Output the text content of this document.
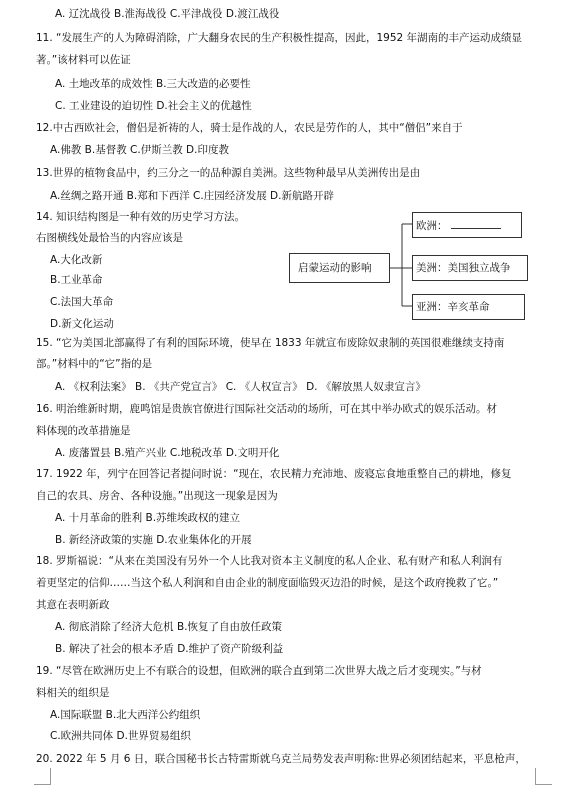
A. 辽沈战役 B.淮海战役 C.平津战役 D.渡江战役
11. “发展生产的人为障碍消除，广大翻身农民的生产积极性提高，因此，1952 年湖南的丰产运动成绩显
著。”该材料可以佐证
A. 土地改革的成效性 B.三大改造的必要性
C. 工业建设的迫切性 D.社会主义的优越性
12.中古西欧社会，僧侣是祈祷的人，骑士是作战的人，农民是劳作的人，其中“僧侣”来自于
A.佛教 B.基督教 C.伊斯兰教 D.印度教
13.世界的植物食品中，约三分之一的品种源自美洲。这些物种最早从美洲传出是由
A.丝绸之路开通 B.郑和下西洋 C.庄园经济发展 D.新航路开辟
14. 知识结构图是一种有效的历史学习方法。
右图横线处最恰当的内容应该是
A.大化改新
B.工业革命
C.法国大革命
D.新文化运动
启蒙运动的影响
欧洲：
美洲：美国独立战争
亚洲：辛亥革命
15. “它为美国北部赢得了有利的国际环境，使早在 1833 年就宣布废除奴隶制的英国很难继续支持南
部。”材料中的“它”指的是
A. 《权利法案》 B. 《共产党宣言》 C. 《人权宣言》 D. 《解放黑人奴隶宣言》
16. 明治维新时期，鹿鸣馆是贵族官僚进行国际社交活动的场所，可在其中举办欧式的娱乐活动。材
料体现的改革措施是
A. 废藩置县 B.殖产兴业 C.地税改革 D.文明开化
17. 1922 年，列宁在回答记者提问时说：“现在，农民精力充沛地、废寝忘食地重整自己的耕地，修复
自己的农具、房舍、各种设施。”出现这一现象是因为
A. 十月革命的胜利 B.苏维埃政权的建立
B. 新经济政策的实施 D.农业集体化的开展
18. 罗斯福说：“从来在美国没有另外一个人比我对资本主义制度的私人企业、私有财产和私人利润有
着更坚定的信仰……当这个私人利润和自由企业的制度面临毁灭边沿的时候，是这个政府挽救了它。”
其意在表明新政
A. 彻底消除了经济大危机 B.恢复了自由放任政策
B. 解决了社会的根本矛盾 D.维护了资产阶级利益
19. “尽管在欧洲历史上不有联合的设想，但欧洲的联合直到第二次世界大战之后才变现实。”与材
料相关的组织是
A.国际联盟 B.北大西洋公约组织
C.欧洲共同体 D.世界贸易组织
20. 2022 年 5 月 6 日，联合国秘书长古特雷斯就乌克兰局势发表声明称:世界必须团结起来，平息枪声，
